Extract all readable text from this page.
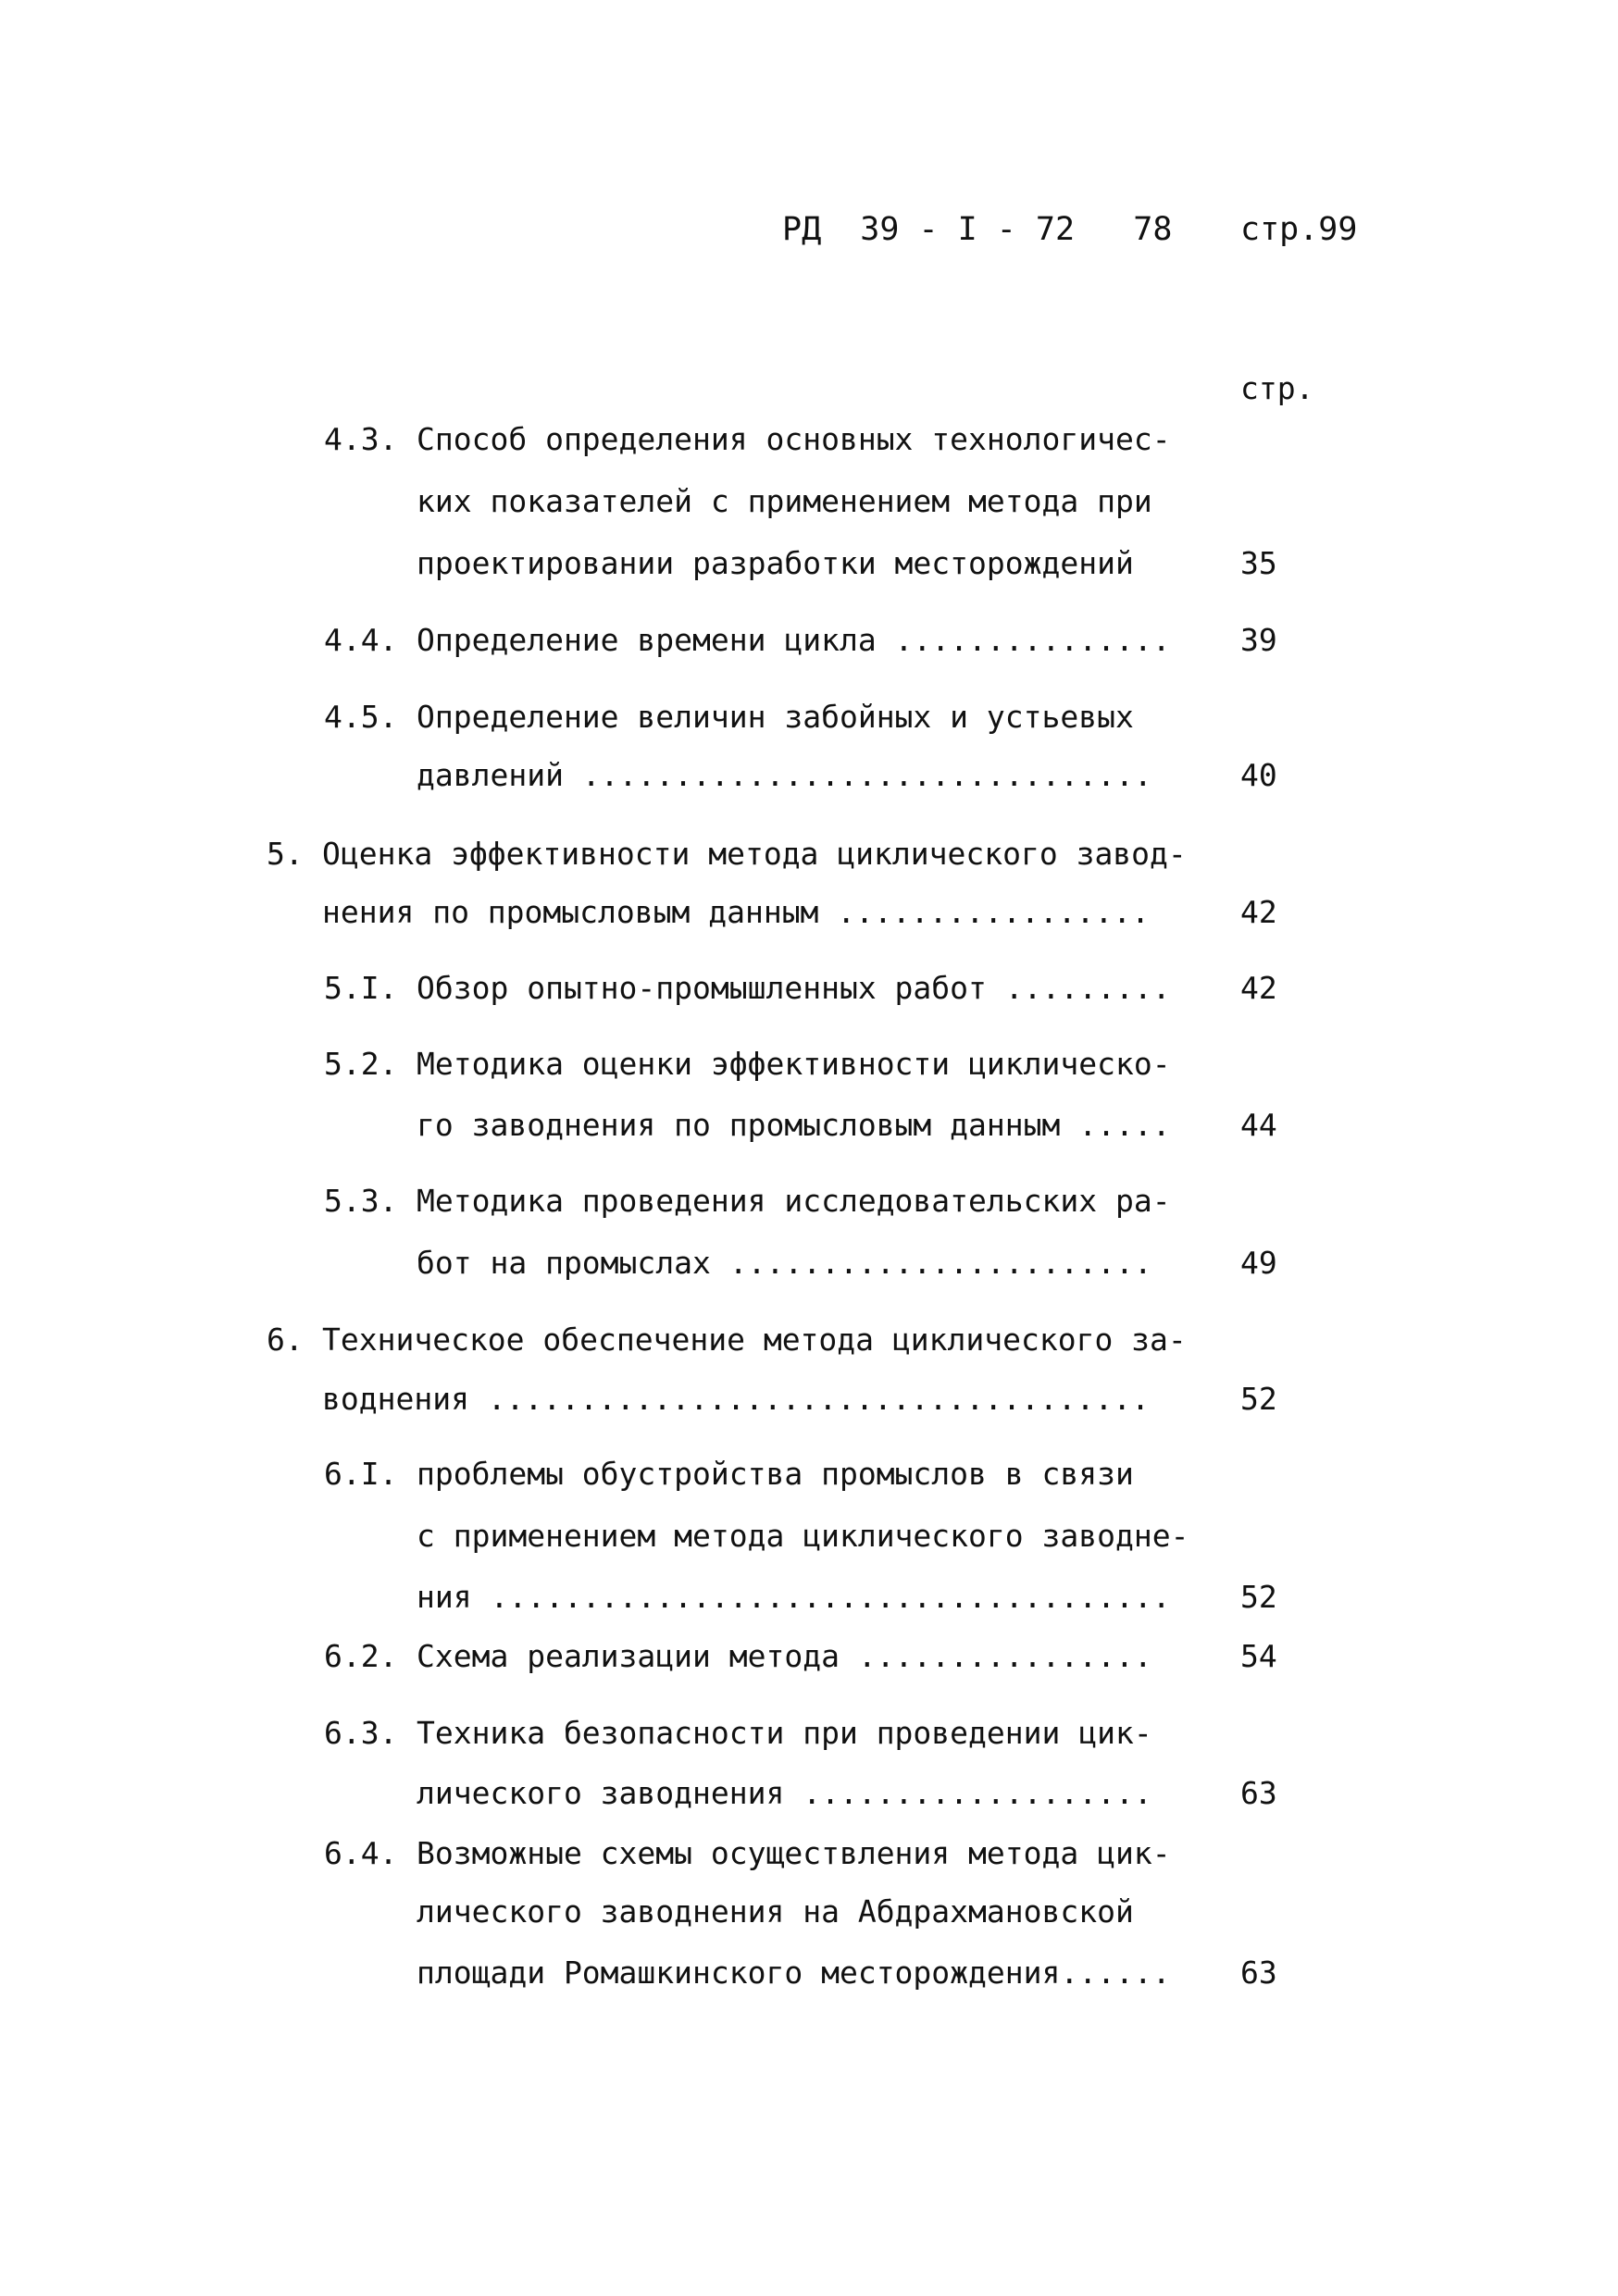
РД  39 - I - 72   78

стр.99

стр.
4.3. Способ определения основных технологичес-
ких показателей с применением метода при
проектировании разработки месторождений	35
4.4. Определение времени цикла ............... 39
4.5. Определение величин забойных и устьевых
давлений ...............................	40
5. Оценка эффективности метода циклического завод-
нения по промысловым данным .................	42
5.I. Обзор опытно-промышленных работ ......... 42
5.2. Методика оценки эффективности циклическо-
го заводнения по промысловым данным ..... 44
5.3. Методика проведения исследовательских ра-
бот на промыслах .......................	49
6. Техническое обеспечение метода циклического за-
воднения ....................................	52
6.I. проблемы обустройства промыслов в связи
с применением метода циклического заводне-
ния ..................................... 52
6.2. Схема реализации метода ................	54
6.3. Техника безопасности при проведении цик-
лического заводнения ...................	63
6.4. Возможные схемы осуществления метода цик-
лического заводнения на Абдрахмановской
площади Ромашкинского месторождения...... 63
